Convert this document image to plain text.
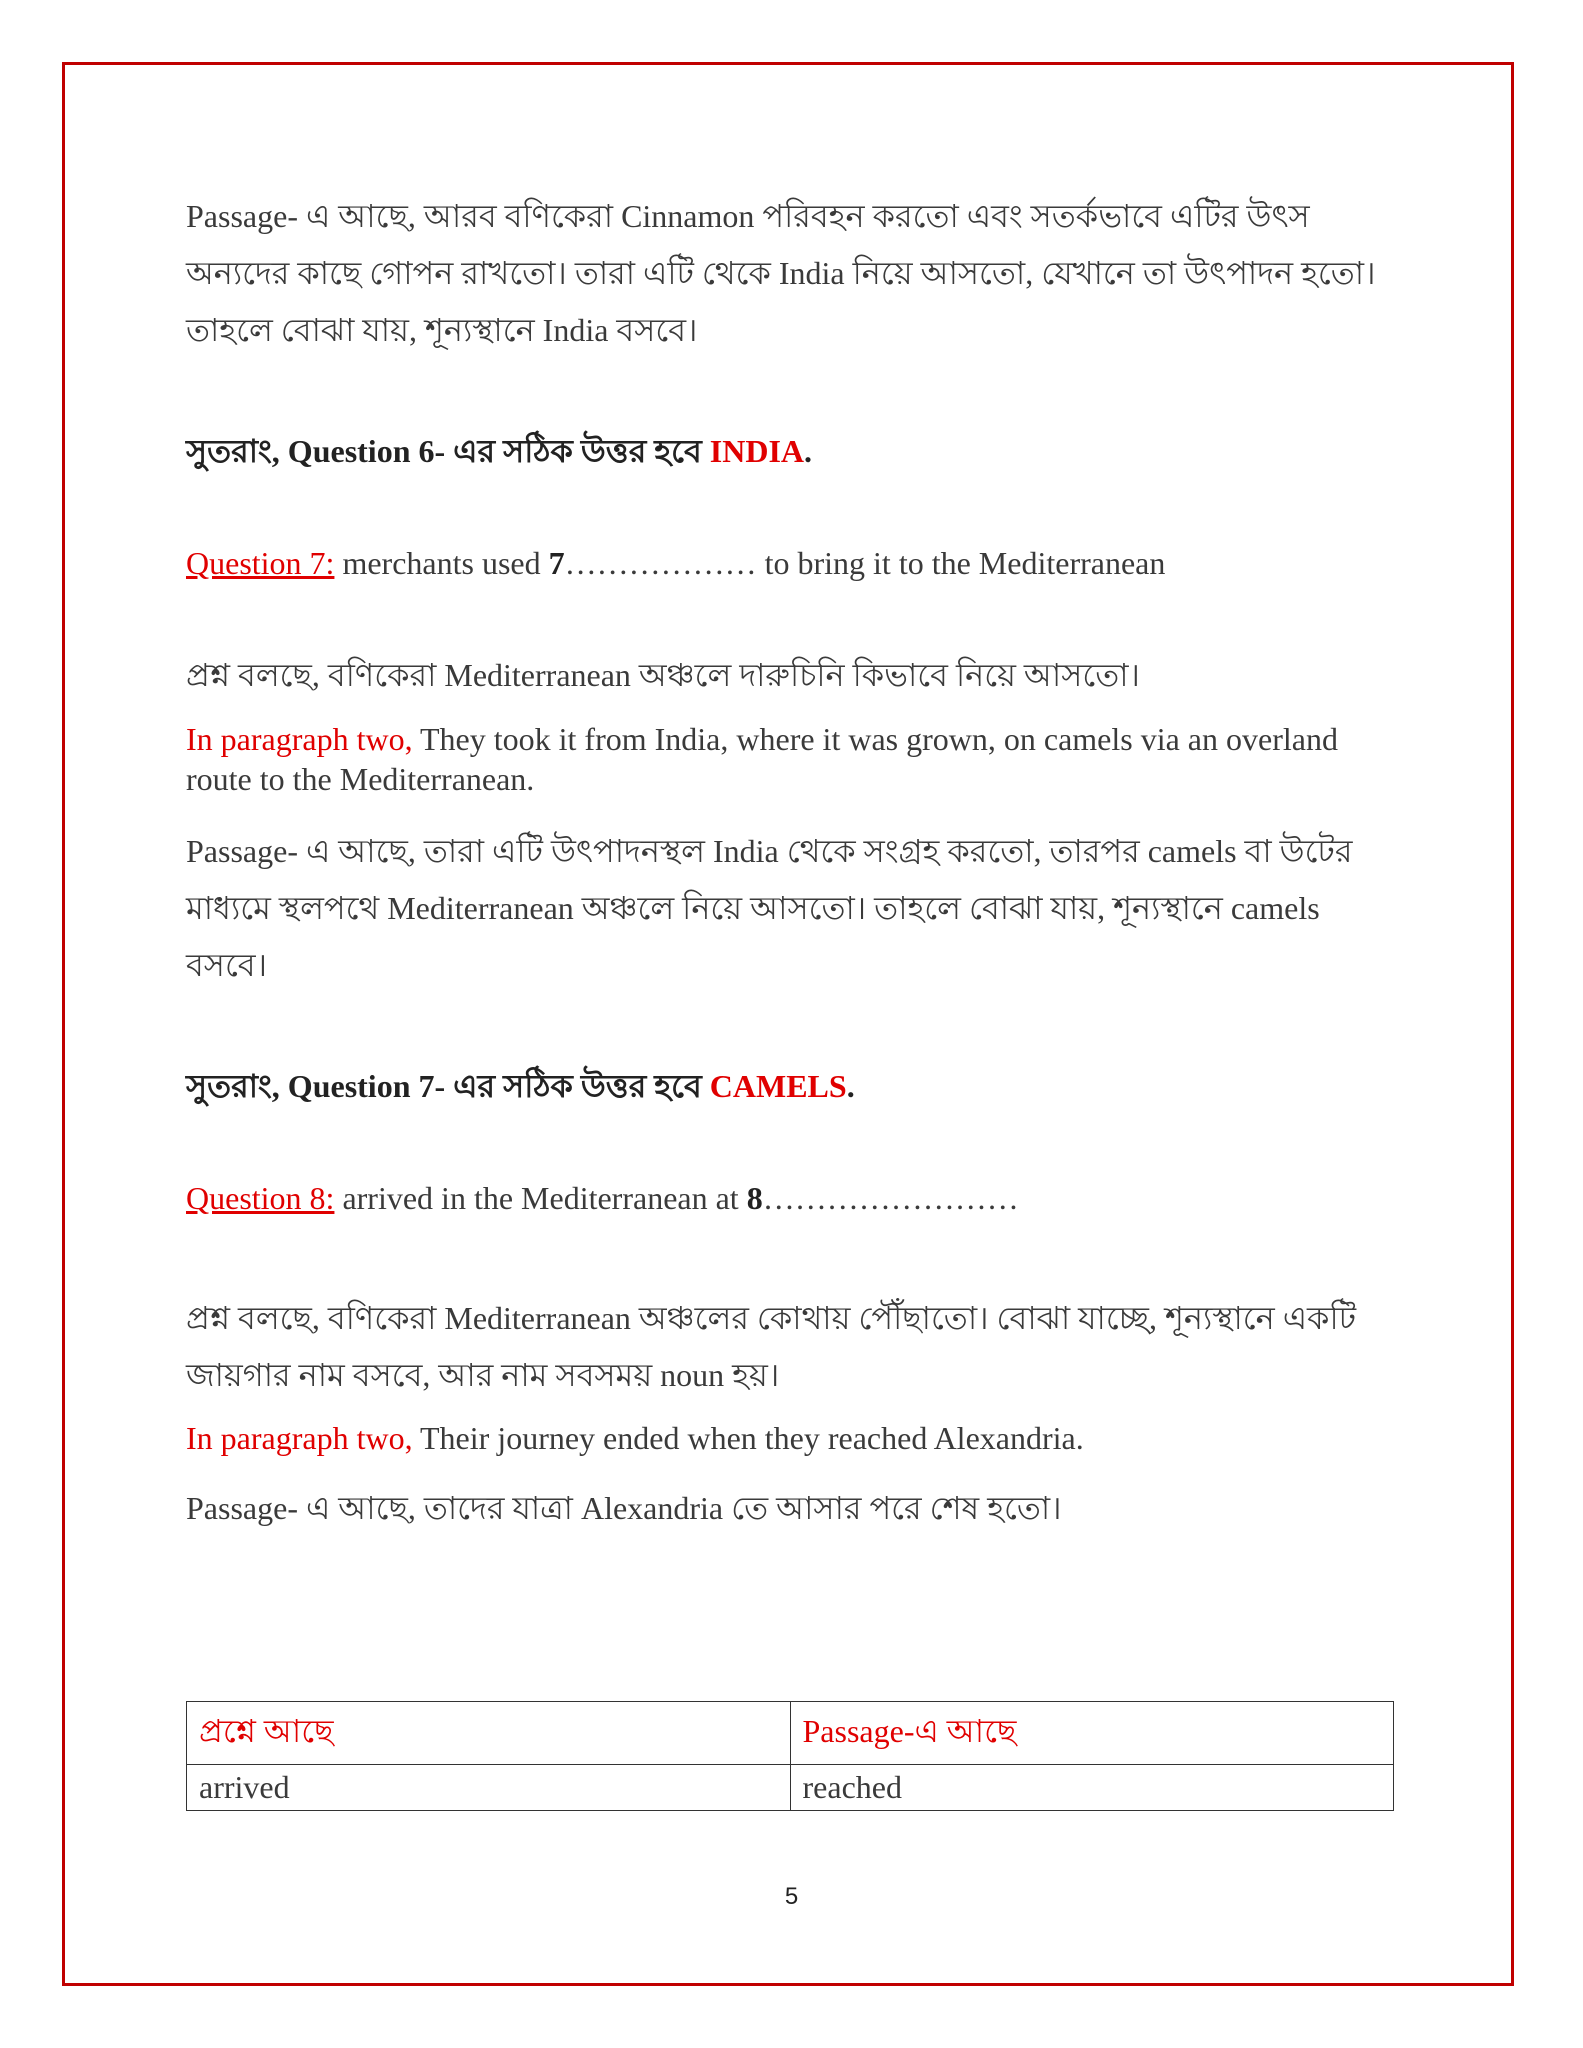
Passage- এ আছে, আরব বণিকেরা Cinnamon পরিবহন করতো এবং সতর্কভাবে এটির উৎস অন্যদের কাছে গোপন রাখতো। তারা এটি থেকে India নিয়ে আসতো, যেখানে তা উৎপাদন হতো। তাহলে বোঝা যায়, শূন্যস্থানে India বসবে।

সুতরাং, Question 6- এর সঠিক উত্তর হবে INDIA.

Question 7: merchants used 7……………… to bring it to the Mediterranean

প্রশ্ন বলছে, বণিকেরা Mediterranean অঞ্চলে দারুচিনি কিভাবে নিয়ে আসতো।

In paragraph two, They took it from India, where it was grown, on camels via an overland route to the Mediterranean.

Passage- এ আছে, তারা এটি উৎপাদনস্থল India থেকে সংগ্রহ করতো, তারপর camels বা উটের মাধ্যমে স্থলপথে Mediterranean অঞ্চলে নিয়ে আসতো। তাহলে বোঝা যায়, শূন্যস্থানে camels বসবে।

সুতরাং, Question 7- এর সঠিক উত্তর হবে CAMELS.

Question 8: arrived in the Mediterranean at 8……………………

প্রশ্ন বলছে, বণিকেরা Mediterranean অঞ্চলের কোথায় পৌঁছাতো। বোঝা যাচ্ছে, শূন্যস্থানে একটি জায়গার নাম বসবে, আর নাম সবসময় noun হয়।

In paragraph two, Their journey ended when they reached Alexandria.

Passage- এ আছে, তাদের যাত্রা Alexandria তে আসার পরে শেষ হতো।

প্রশ্নে আছে	Passage-এ আছে
arrived	reached
5
